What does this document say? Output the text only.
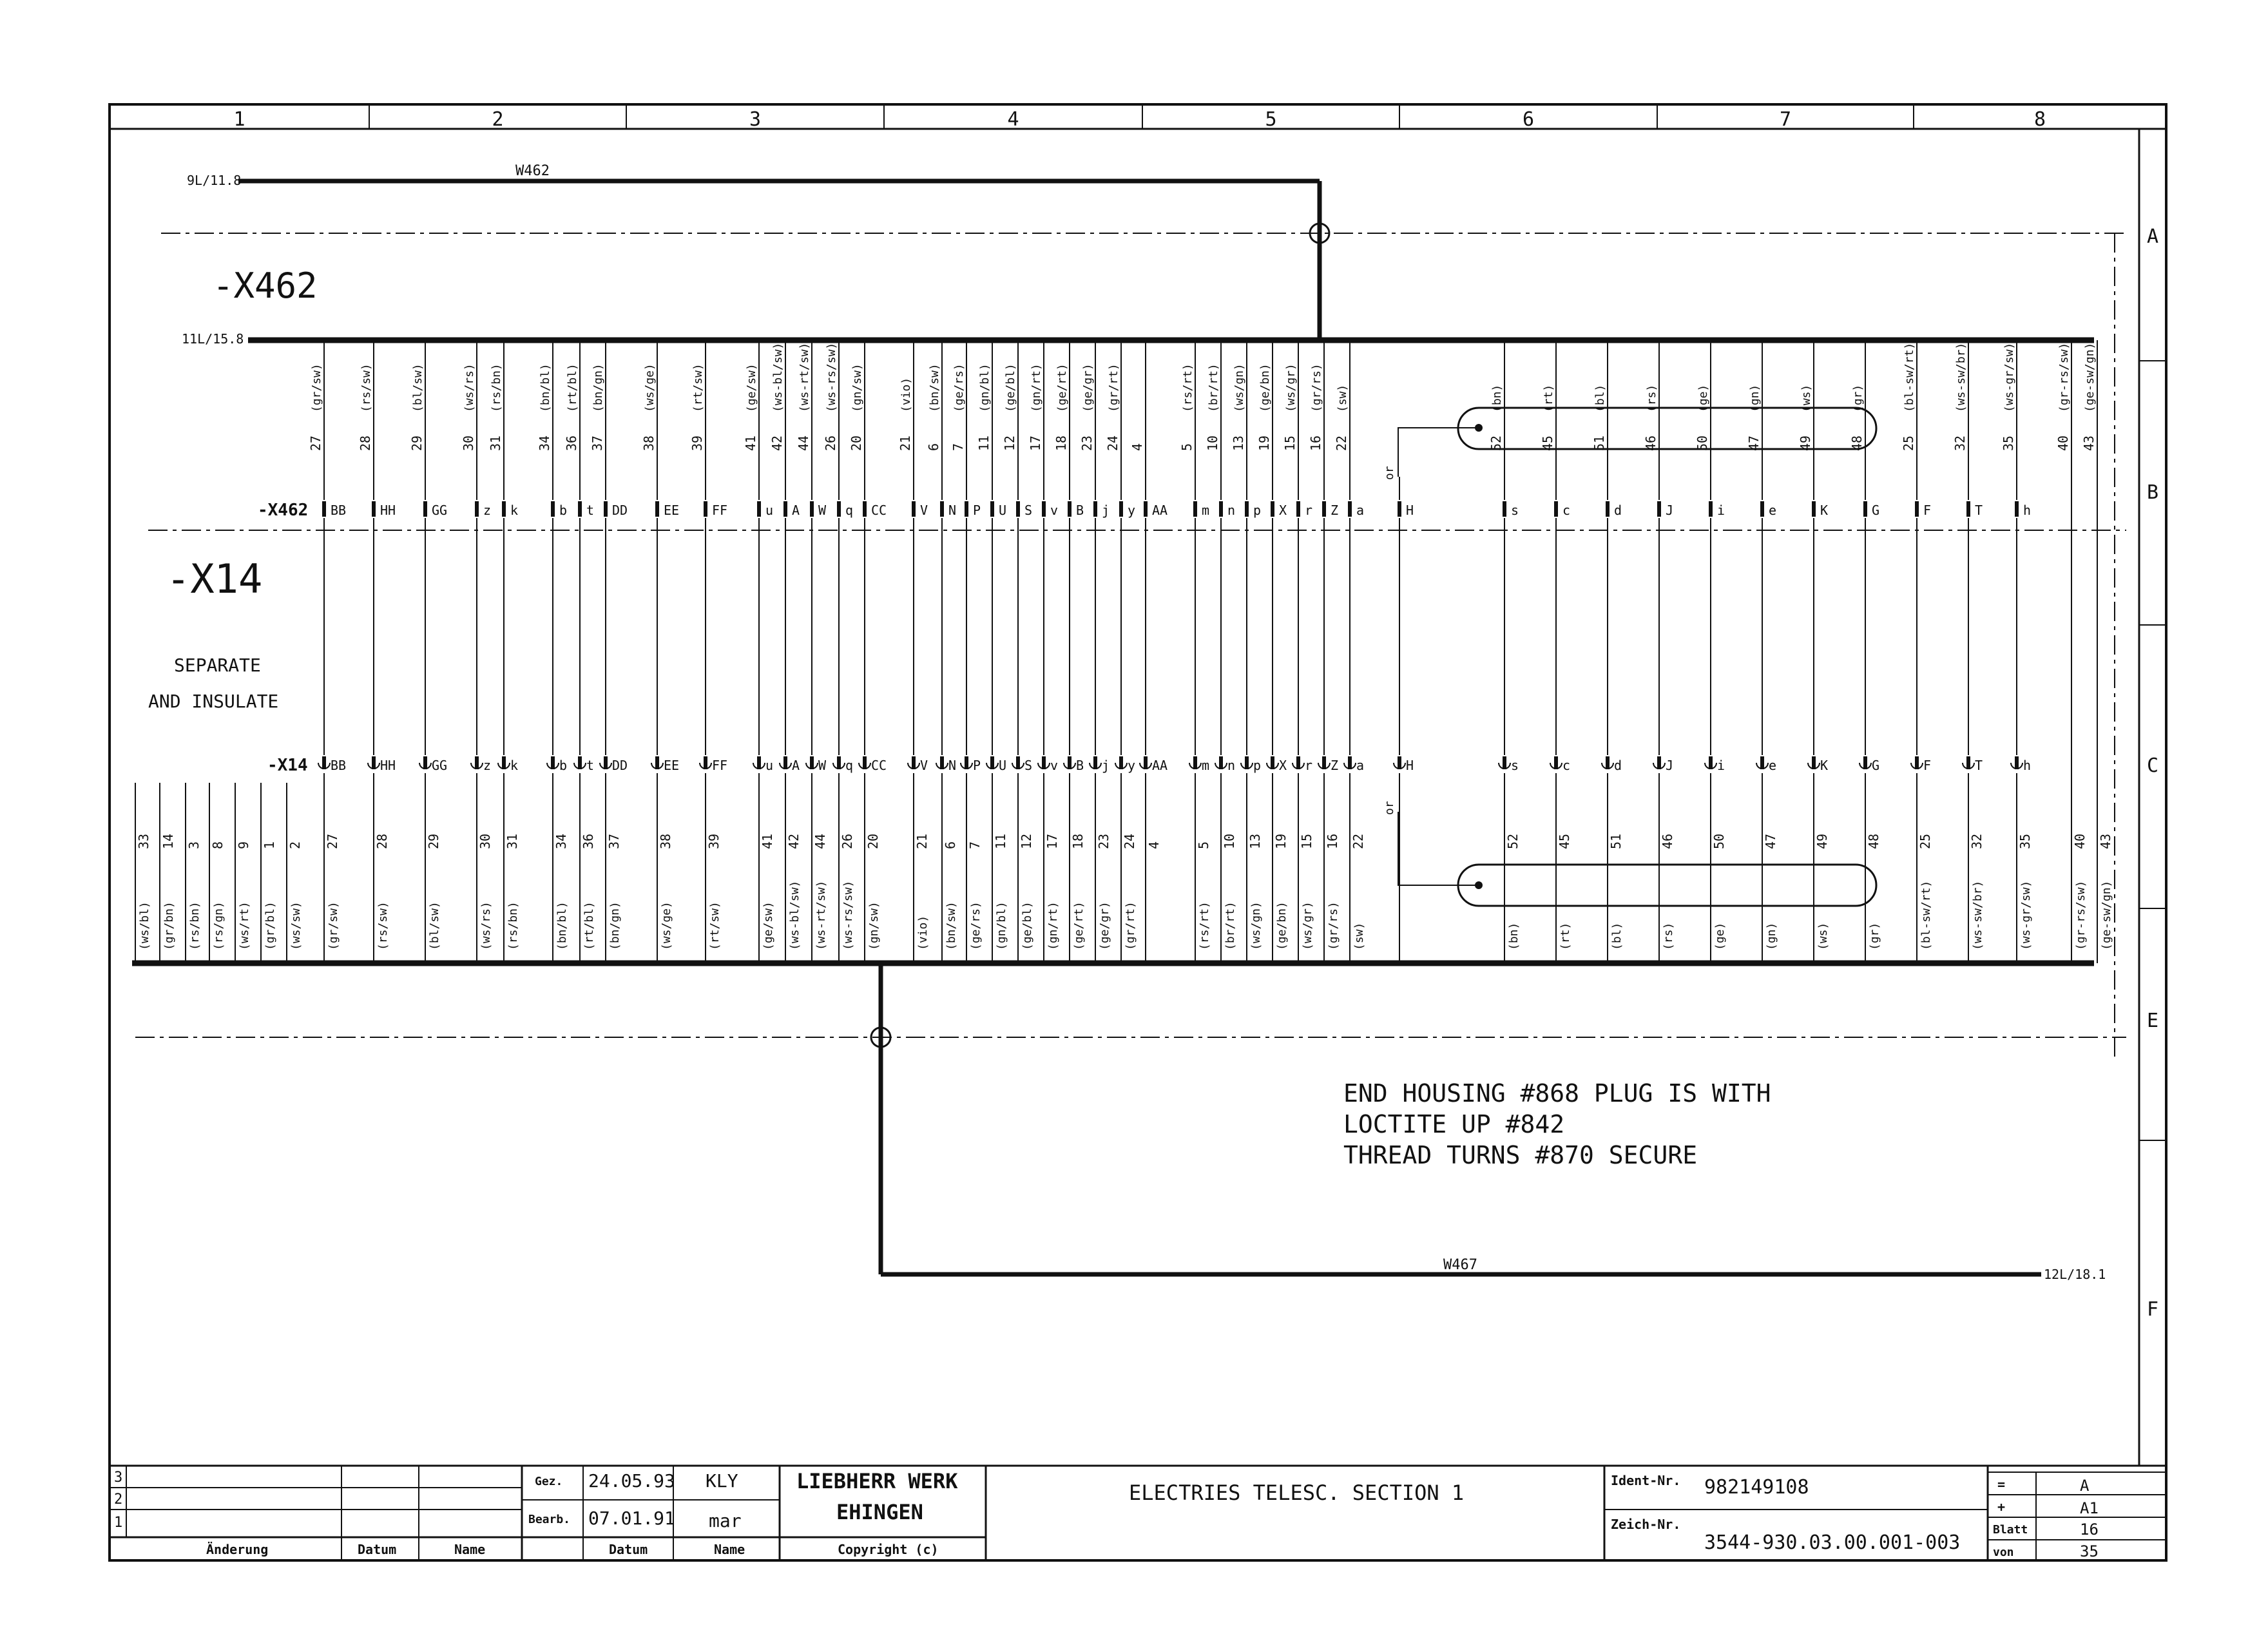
1	2	3	4	5	6	7	8
A
B
C
E
F
9L/11.8
W462
11L/15.8
-X462
-X14
SEPARATE
AND INSULATE
-X462
-X14
BB
BB
(gr/sw)
27
27
(gr/sw)
HH
HH
(rs/sw)
28
28
(rs/sw)
GG
GG
(bl/sw)
29
29
(bl/sw)
z
z
(ws/rs)
30
30
(ws/rs)
k
k
(rs/bn)
31
31
(rs/bn)
b
b
(bn/bl)
34
34
(bn/bl)
t
t
(rt/bl)
36
36
(rt/bl)
DD
DD
(bn/gn)
37
37
(bn/gn)
EE
EE
(ws/ge)
38
38
(ws/ge)
FF
FF
(rt/sw)
39
39
(rt/sw)
u
u
(ge/sw)
41
41
(ge/sw)
A
A
(ws-bl/sw)
42
42
(ws-bl/sw)
W
W
(ws-rt/sw)
44
44
(ws-rt/sw)
q
q
(ws-rs/sw)
26
26
(ws-rs/sw)
CC
CC
(gn/sw)
20
20
(gn/sw)
V
V
(vio)
21
21
(vio)
N
N
(bn/sw)
6
6
(bn/sw)
P
P
(ge/rs)
7
7
(ge/rs)
U
U
(gn/bl)
11
11
(gn/bl)
S
S
(ge/bl)
12
12
(ge/bl)
v
v
(gn/rt)
17
17
(gn/rt)
B
B
(ge/rt)
18
18
(ge/rt)
j
j
(ge/gr)
23
23
(ge/gr)
y
y
(gr/rt)
24
24
(gr/rt)
AA
AA
4
4
m
m
(rs/rt)
5
5
(rs/rt)
n
n
(br/rt)
10
10
(br/rt)
p
p
(ws/gn)
13
13
(ws/gn)
X
X
(ge/bn)
19
19
(ge/bn)
r
r
(ws/gr)
15
15
(ws/gr)
Z
Z
(gr/rs)
16
16
(gr/rs)
a
a
(sw)
22
22
(sw)
H
H
s
s
(bn)
52
52
(bn)
c
c
(rt)
45
45
(rt)
d
d
(bl)
51
51
(bl)
J
J
(rs)
46
46
(rs)
i
i
(ge)
50
50
(ge)
e
e
(gn)
47
47
(gn)
K
K
(ws)
49
49
(ws)
G
G
(gr)
48
48
(gr)
F
F
(bl-sw/rt)
25
25
(bl-sw/rt)
T
T
(ws-sw/br)
32
32
(ws-sw/br)
h
h
(ws-gr/sw)
35
35
(ws-gr/sw)
(gr-rs/sw)
40
40
(gr-rs/sw)
(ge-sw/gn)
43
43
(ge-sw/gn)
33
(ws/bl)
14
(gr/bn)
3
(rs/bn)
8
(rs/gn)
9
(ws/rt)
1
(gr/bl)
2
(ws/sw)
or
or
W467
12L/18.1
END HOUSING #868 PLUG IS WITH
LOCTITE UP #842
THREAD TURNS #870 SECURE
3
2
1
Änderung	Datum	Name
Gez. 24.05.93 KLY
Bearb. 07.01.91 mar
Datum	Name
LIEBHERR WERK
EHINGEN
Copyright (c)
ELECTRIES TELESC. SECTION 1	Ident-Nr. 982149108
Zeich-Nr.
3544-930.03.00.001-003
=	A
+	A1
Blatt	16
von	35
